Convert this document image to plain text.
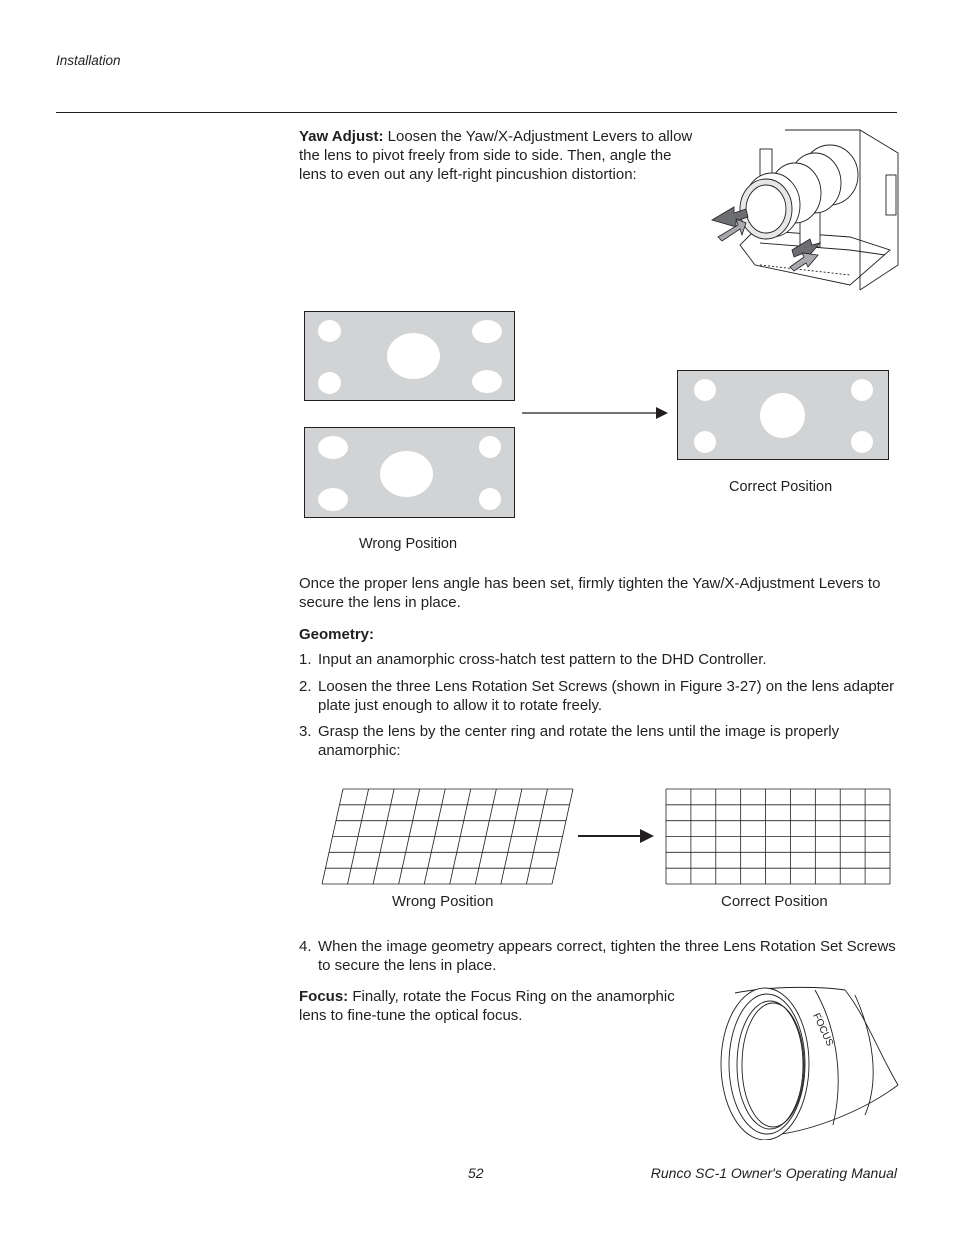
Installation
Yaw Adjust: Loosen the Yaw/X-Adjustment Levers to allow the lens to pivot freely from side to side. Then, angle the lens to even out any left-right pincushion distortion:
Correct Position
Wrong Position
Once the proper lens angle has been set, firmly tighten the Yaw/X-Adjustment Levers to secure the lens in place.
Geometry:
1. Input an anamorphic cross-hatch test pattern to the DHD Controller.
2. Loosen the three Lens Rotation Set Screws (shown in Figure 3-27) on the lens adapter plate just enough to allow it to rotate freely.
3. Grasp the lens by the center ring and rotate the lens until the image is properly anamorphic:
Wrong Position	Correct Position
4. When the image geometry appears correct, tighten the three Lens Rotation Set Screws to secure the lens in place.
Focus: Finally, rotate the Focus Ring on the anamorphic lens to fine-tune the optical focus.	FOCUS
52	Runco SC-1 Owner's Operating Manual
